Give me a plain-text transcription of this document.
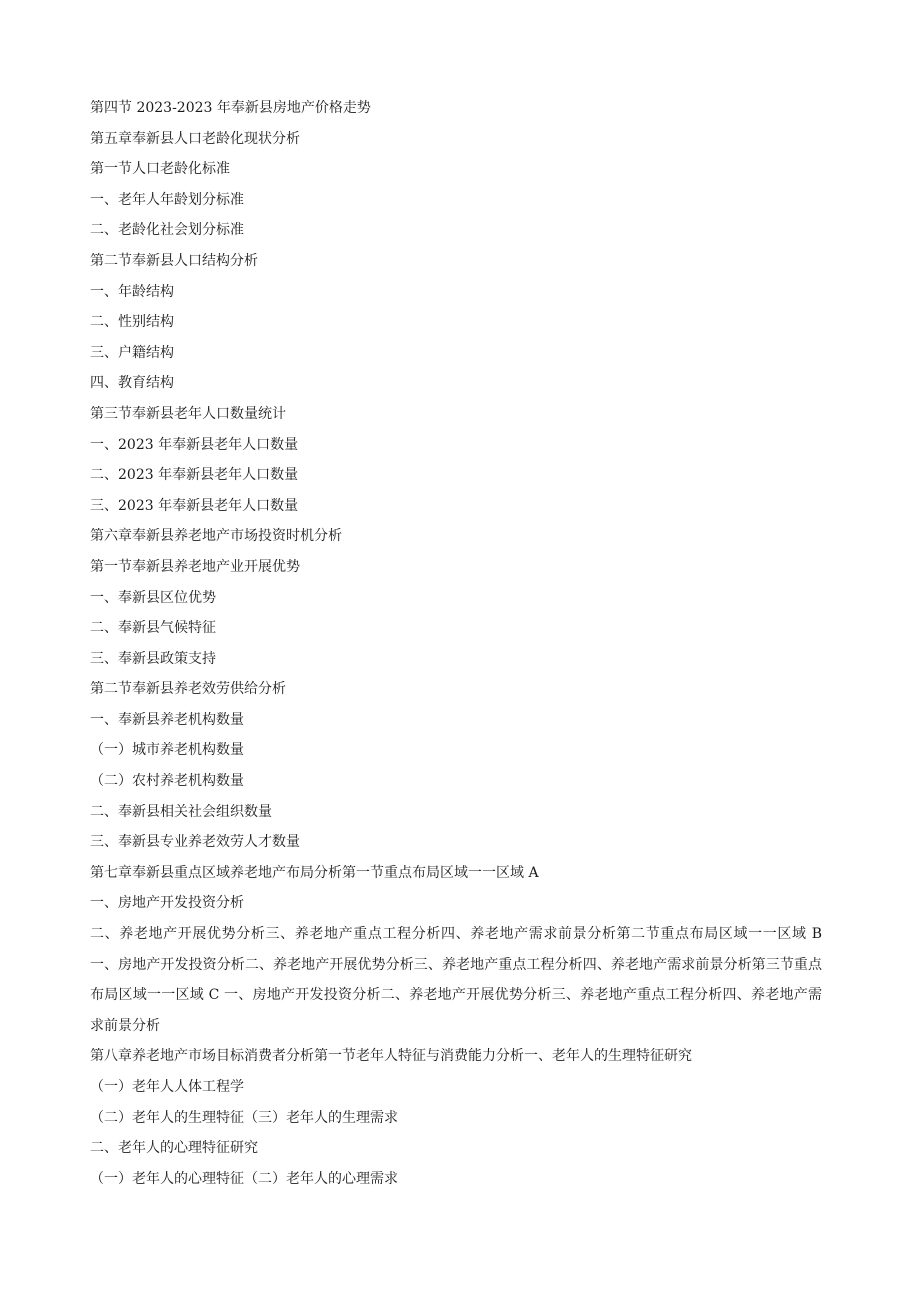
第四节 2023-2023 年奉新县房地产价格走势
第五章奉新县人口老龄化现状分析
第一节人口老龄化标准
一、老年人年龄划分标准
二、老龄化社会划分标准
第二节奉新县人口结构分析
一、年龄结构
二、性别结构
三、户籍结构
四、教育结构
第三节奉新县老年人口数量统计
一、2023 年奉新县老年人口数量
二、2023 年奉新县老年人口数量
三、2023 年奉新县老年人口数量
第六章奉新县养老地产市场投资时机分析
第一节奉新县养老地产业开展优势
一、奉新县区位优势
二、奉新县气候特征
三、奉新县政策支持
第二节奉新县养老效劳供给分析
一、奉新县养老机构数量
（一）城市养老机构数量
（二）农村养老机构数量
二、奉新县相关社会组织数量
三、奉新县专业养老效劳人才数量
第七章奉新县重点区域养老地产布局分析第一节重点布局区域一一区域 A
一、房地产开发投资分析
二、养老地产开展优势分析三、养老地产重点工程分析四、养老地产需求前景分析第二节重点布局区域一一区域 B 一、房地产开发投资分析二、养老地产开展优势分析三、养老地产重点工程分析四、养老地产需求前景分析第三节重点布局区域一一区域 C 一、房地产开发投资分析二、养老地产开展优势分析三、养老地产重点工程分析四、养老地产需求前景分析
第八章养老地产市场目标消费者分析第一节老年人特征与消费能力分析一、老年人的生理特征研究
（一）老年人人体工程学
（二）老年人的生理特征（三）老年人的生理需求
二、老年人的心理特征研究
（一）老年人的心理特征（二）老年人的心理需求
